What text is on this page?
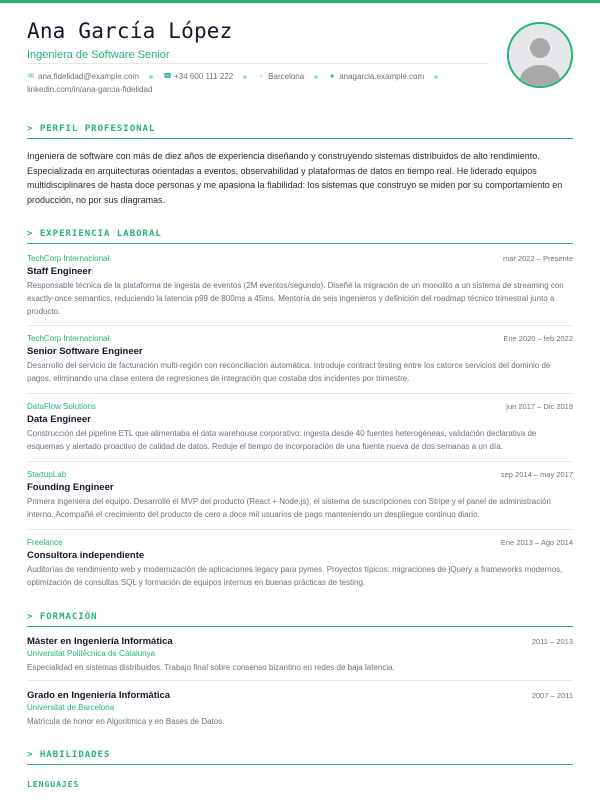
Ana García López
Ingeniera de Software Senior
✉ ana.fidelidad@example.com	☎ +34 600 111 222	› Barcelona	● anagarcia.example.com
linkedin.com/in/ana-garcia-fidelidad
> PERFIL PROFESIONAL
Ingeniera de software con más de diez años de experiencia diseñando y construyendo sistemas distribuidos de alto rendimiento. Especializada en arquitecturas orientadas a eventos, observabilidad y plataformas de datos en tiempo real. He liderado equipos multidisciplinares de hasta doce personas y me apasiona la fiabilidad: los sistemas que construyo se miden por su comportamiento en producción, no por sus diagramas.
> EXPERIENCIA LABORAL
TechCorp Internacional	mar 2022 – Presente
Staff Engineer
Responsable técnica de la plataforma de ingesta de eventos (2M eventos/segundo). Diseñé la migración de un monolito a un sistema de streaming con exactly-once semantics, reduciendo la latencia p99 de 800ms a 45ms. Mentoría de seis ingenieros y definición del roadmap técnico trimestral junto a producto.
TechCorp Internacional	Ene 2020 – feb 2022
Senior Software Engineer
Desarrollo del servicio de facturación multi-región con reconciliación automática. Introduje contract testing entre los catorce servicios del dominio de pagos, eliminando una clase entera de regresiones de integración que costaba dos incidentes por trimestre.
DataFlow Solutions	jun 2017 – Dic 2019
Data Engineer
Construcción del pipeline ETL que alimentaba el data warehouse corporativo: ingesta desde 40 fuentes heterogéneas, validación declarativa de esquemas y alertado proactivo de calidad de datos. Reduje el tiempo de incorporación de una fuente nueva de dos semanas a un día.
StartupLab	sep 2014 – may 2017
Founding Engineer
Primera ingeniera del equipo. Desarrollé el MVP del producto (React + Node.js), el sistema de suscripciones con Stripe y el panel de administración interno. Acompañé el crecimiento del producto de cero a doce mil usuarios de pago manteniendo un despliegue continuo diario.
Freelance	Ene 2013 – Ago 2014
Consultora independiente
Auditorías de rendimiento web y modernización de aplicaciones legacy para pymes. Proyectos típicos: migraciones de jQuery a frameworks modernos, optimización de consultas SQL y formación de equipos internos en buenas prácticas de testing.
> FORMACIÓN
Máster en Ingeniería Informática	2011 – 2013
Universitat Politècnica de Catalunya
Especialidad en sistemas distribuidos. Trabajo final sobre consenso bizantino en redes de baja latencia.
Grado en Ingeniería Informática	2007 – 2011
Universitat de Barcelona
Matrícula de honor en Algoritmica y en Bases de Datos.
> HABILIDADES
LENGUAJES
